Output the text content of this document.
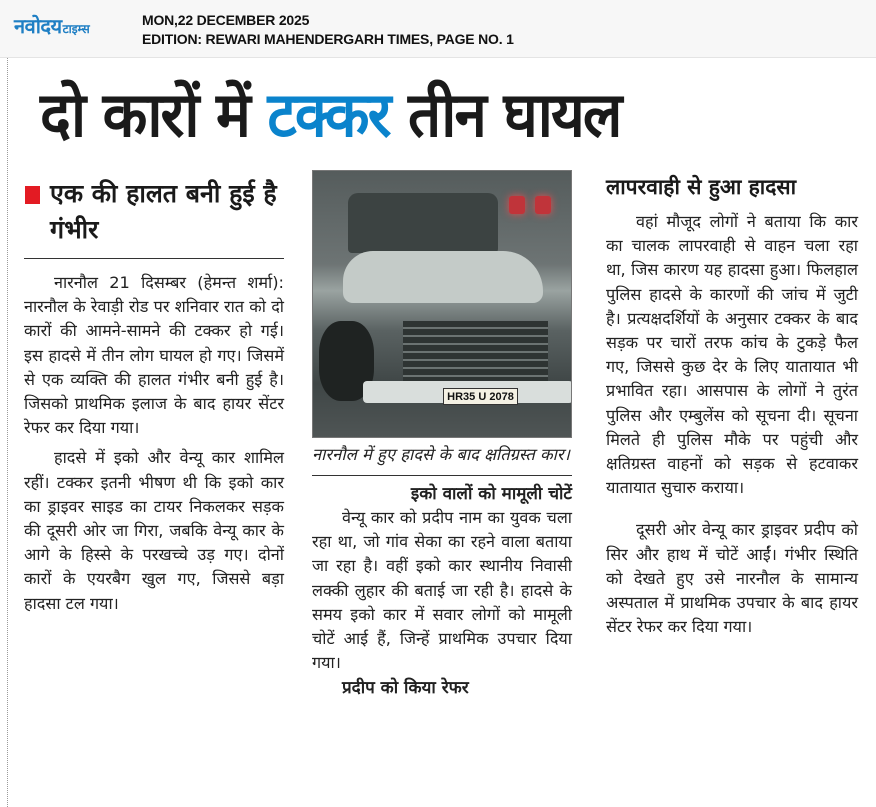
नवोदयटाइम्स
MON,22 DECEMBER 2025
EDITION: REWARI MAHENDERGARH TIMES, PAGE NO. 1
दो कारों में टक्कर तीन घायल
एक की हालत बनी हुई है गंभीर

नारनौल 21 दिसम्बर (हेमन्त शर्मा): नारनौल के रेवाड़ी रोड पर शनिवार रात को दो कारों की आमने-सामने की टक्कर हो गई। इस हादसे में तीन लोग घायल हो गए। जिसमें से एक व्यक्ति की हालत गंभीर बनी हुई है। जिसको प्राथमिक इलाज के बाद हायर सेंटर रेफर कर दिया गया।

हादसे में इको और वेन्यू कार शामिल रहीं। टक्कर इतनी भीषण थी कि इको कार का ड्राइवर साइड का टायर निकलकर सड़क की दूसरी ओर जा गिरा, जबकि वेन्यू कार के आगे के हिस्से के परखच्चे उड़ गए। दोनों कारों के एयरबैग खुल गए, जिससे बड़ा हादसा टल गया।

HR35 U 2078

नारनौल में हुए हादसे के बाद क्षतिग्रस्त कार।

इको वालों को मामूली चोटें

वेन्यू कार को प्रदीप नाम का युवक चला रहा था, जो गांव सेका का रहने वाला बताया जा रहा है। वहीं इको कार स्थानीय निवासी लक्की लुहार की बताई जा रही है। हादसे के समय इको कार में सवार लोगों को मामूली चोटें आई हैं, जिन्हें प्राथमिक उपचार दिया गया।

प्रदीप को किया रेफर
लापरवाही से हुआ हादसा

वहां मौजूद लोगों ने बताया कि कार का चालक लापरवाही से वाहन चला रहा था, जिस कारण यह हादसा हुआ। फिलहाल पुलिस हादसे के कारणों की जांच में जुटी है। प्रत्यक्षदर्शियों के अनुसार टक्कर के बाद सड़क पर चारों तरफ कांच के टुकड़े फैल गए, जिससे कुछ देर के लिए यातायात भी प्रभावित रहा। आसपास के लोगों ने तुरंत पुलिस और एम्बुलेंस को सूचना दी। सूचना मिलते ही पुलिस मौके पर पहुंची और क्षतिग्रस्त वाहनों को सड़क से हटवाकर यातायात सुचारु कराया।

दूसरी ओर वेन्यू कार ड्राइवर प्रदीप को सिर और हाथ में चोटें आईं। गंभीर स्थिति को देखते हुए उसे नारनौल के सामान्य अस्पताल में प्राथमिक उपचार के बाद हायर सेंटर रेफर कर दिया गया।
